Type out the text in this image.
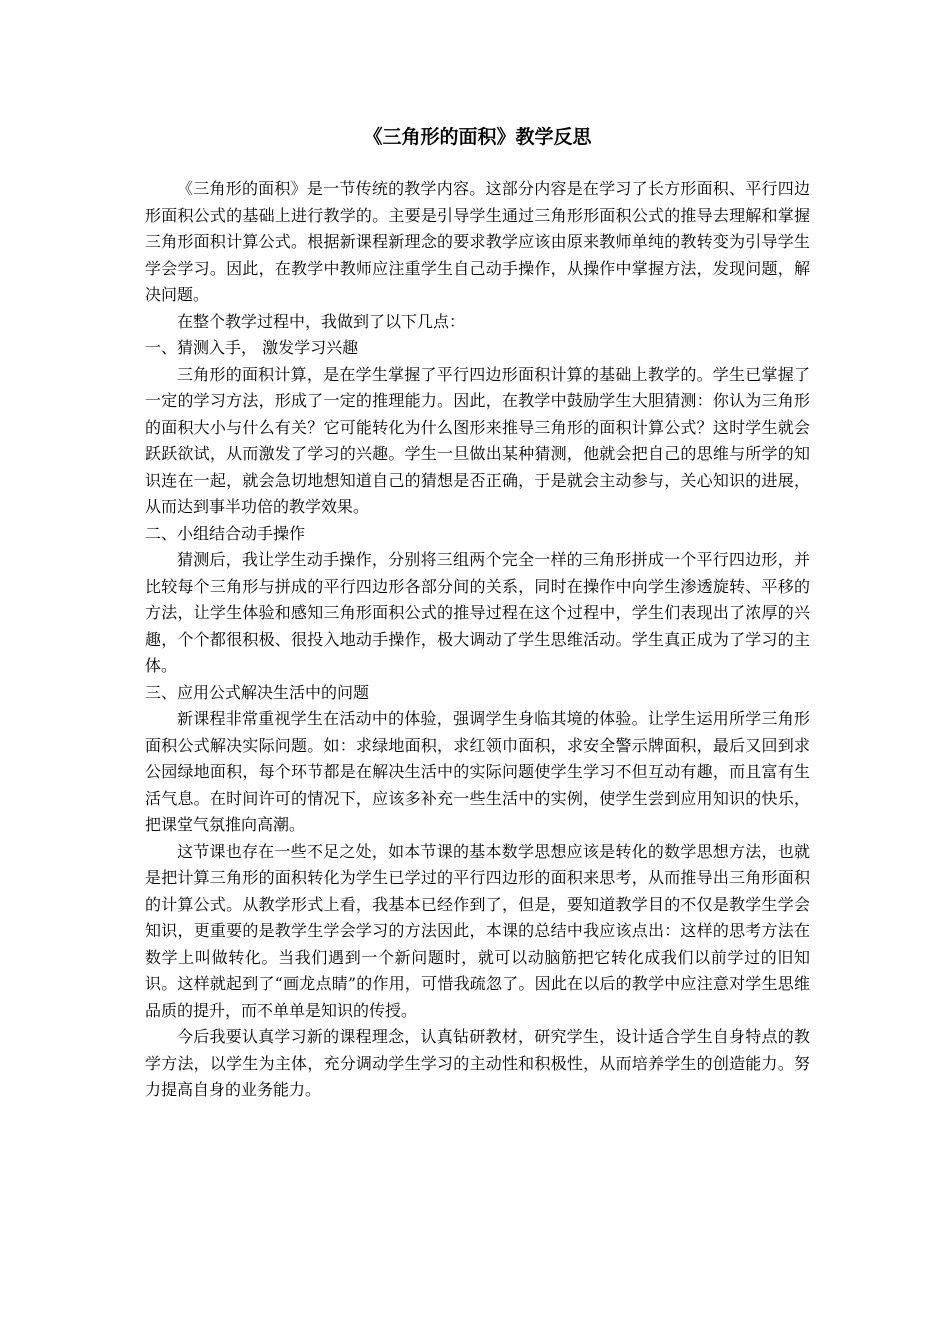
《三角形的面积》教学反思

《三角形的面积》是一节传统的教学内容。这部分内容是在学习了长方形面积、平行四边形面积公式的基础上进行教学的。主要是引导学生通过三角形形面积公式的推导去理解和掌握三角形面积计算公式。根据新课程新理念的要求教学应该由原来教师单纯的教转变为引导学生学会学习。因此，在教学中教师应注重学生自己动手操作，从操作中掌握方法，发现问题，解决问题。

在整个教学过程中，我做到了以下几点：

一、猜测入手， 激发学习兴趣

三角形的面积计算，是在学生掌握了平行四边形面积计算的基础上教学的。学生已掌握了一定的学习方法，形成了一定的推理能力。因此，在教学中鼓励学生大胆猜测：你认为三角形的面积大小与什么有关？它可能转化为什么图形来推导三角形的面积计算公式？这时学生就会跃跃欲试，从而激发了学习的兴趣。学生一旦做出某种猜测，他就会把自己的思维与所学的知识连在一起，就会急切地想知道自己的猜想是否正确，于是就会主动参与，关心知识的进展，从而达到事半功倍的教学效果。

二、小组结合动手操作

猜测后，我让学生动手操作，分别将三组两个完全一样的三角形拼成一个平行四边形，并比较每个三角形与拼成的平行四边形各部分间的关系，同时在操作中向学生渗透旋转、平移的方法，让学生体验和感知三角形面积公式的推导过程在这个过程中，学生们表现出了浓厚的兴趣，个个都很积极、很投入地动手操作，极大调动了学生思维活动。学生真正成为了学习的主体。

三、应用公式解决生活中的问题

新课程非常重视学生在活动中的体验，强调学生身临其境的体验。让学生运用所学三角形面积公式解决实际问题。如：求绿地面积，求红领巾面积，求安全警示牌面积，最后又回到求公园绿地面积，每个环节都是在解决生活中的实际问题使学生学习不但互动有趣，而且富有生活气息。在时间许可的情况下，应该多补充一些生活中的实例，使学生尝到应用知识的快乐，把课堂气氛推向高潮。

这节课也存在一些不足之处，如本节课的基本数学思想应该是转化的数学思想方法，也就是把计算三角形的面积转化为学生已学过的平行四边形的面积来思考，从而推导出三角形面积的计算公式。从教学形式上看，我基本已经作到了，但是，要知道教学目的不仅是教学生学会知识，更重要的是教学生学会学习的方法因此，本课的总结中我应该点出：这样的思考方法在数学上叫做转化。当我们遇到一个新问题时，就可以动脑筋把它转化成我们以前学过的旧知识。这样就起到了“画龙点睛”的作用，可惜我疏忽了。因此在以后的教学中应注意对学生思维品质的提升，而不单单是知识的传授。

今后我要认真学习新的课程理念，认真钻研教材，研究学生，设计适合学生自身特点的教学方法，以学生为主体，充分调动学生学习的主动性和积极性，从而培养学生的创造能力。努力提高自身的业务能力。
